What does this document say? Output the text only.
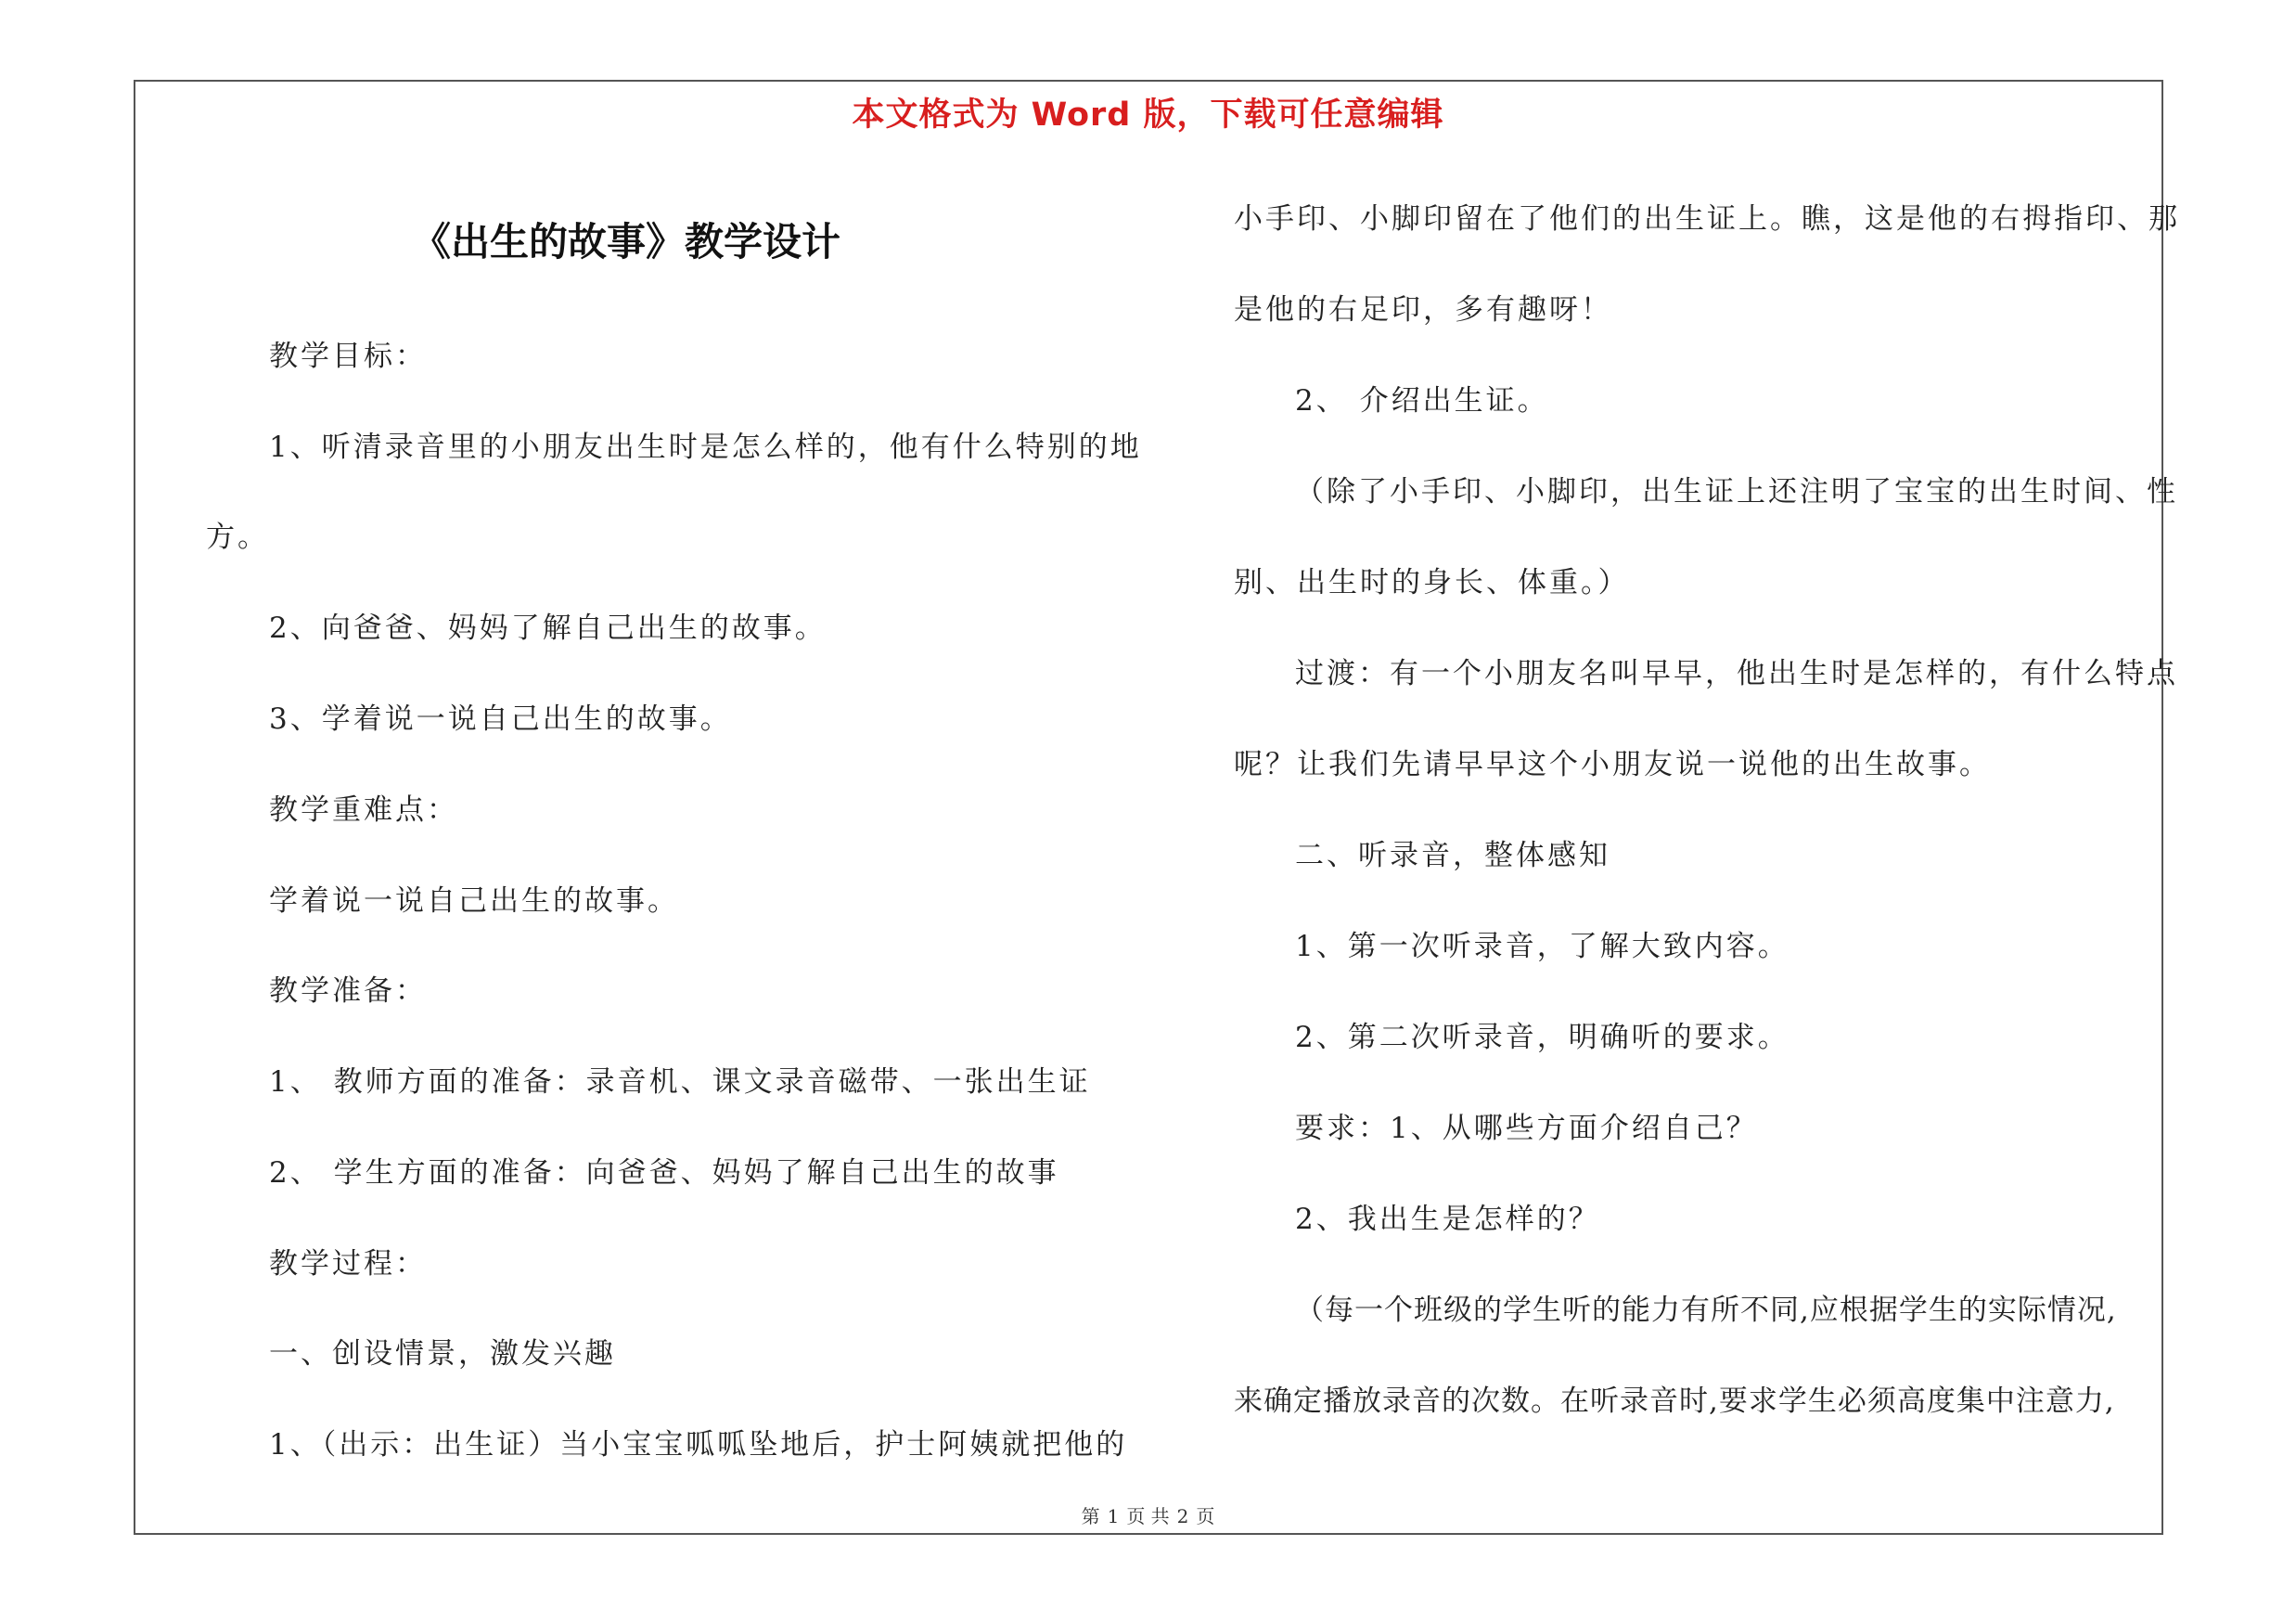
本文格式为 Word 版，下载可任意编辑
《出生的故事》教学设计
教学目标：
1、听清录音里的小朋友出生时是怎么样的，他有什么特别的地
方。
2、向爸爸、妈妈了解自己出生的故事。
3、学着说一说自己出生的故事。
教学重难点：
学着说一说自己出生的故事。
教学准备：
1、 教师方面的准备：录音机、课文录音磁带、一张出生证
2、 学生方面的准备：向爸爸、妈妈了解自己出生的故事
教学过程：
一、创设情景，激发兴趣
1、（出示：出生证）当小宝宝呱呱坠地后，护士阿姨就把他的
小手印、小脚印留在了他们的出生证上。瞧，这是他的右拇指印、那
是他的右足印，多有趣呀！
2、 介绍出生证。
（除了小手印、小脚印，出生证上还注明了宝宝的出生时间、性
别、出生时的身长、体重。）
过渡：有一个小朋友名叫早早，他出生时是怎样的，有什么特点
呢？让我们先请早早这个小朋友说一说他的出生故事。
二、听录音，整体感知
1、第一次听录音，了解大致内容。
2、第二次听录音，明确听的要求。
要求：1、从哪些方面介绍自己？
2、我出生是怎样的？
（每一个班级的学生听的能力有所不同,应根据学生的实际情况,
来确定播放录音的次数。在听录音时,要求学生必须高度集中注意力,
第 1 页 共 2 页
